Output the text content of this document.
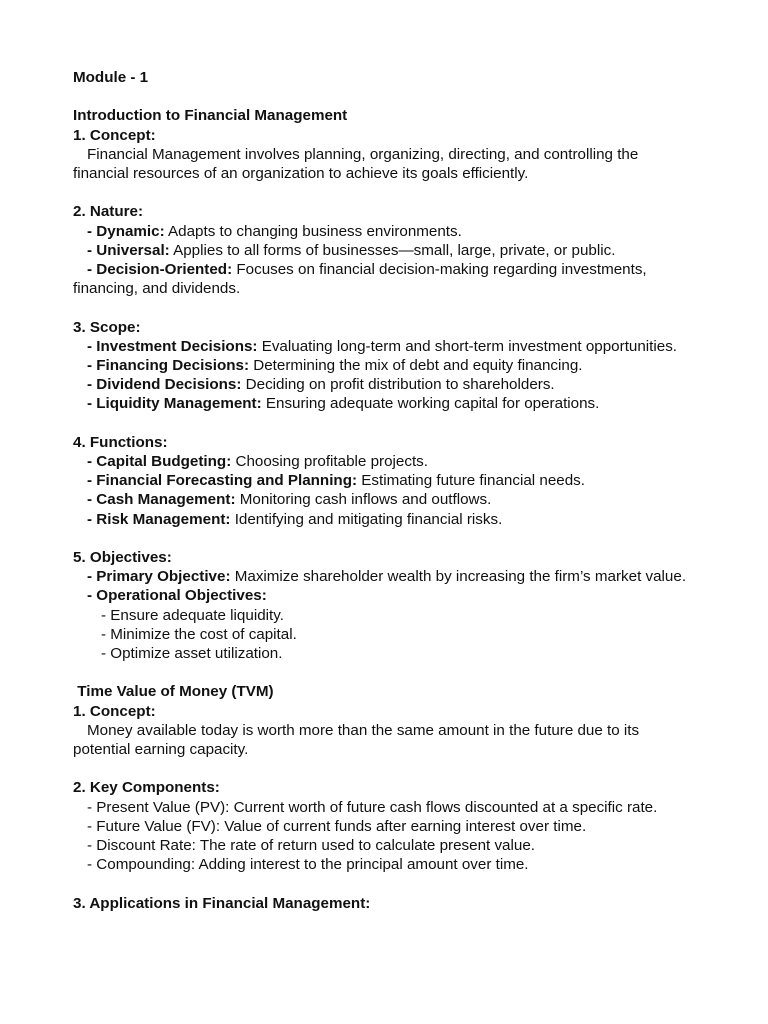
Module - 1

Introduction to Financial Management

1. Concept:

Financial Management involves planning, organizing, directing, and controlling the financial resources of an organization to achieve its goals efficiently.

2. Nature:

- Dynamic: Adapts to changing business environments.

- Universal: Applies to all forms of businesses—small, large, private, or public.

- Decision-Oriented: Focuses on financial decision-making regarding investments, financing, and dividends.

3. Scope:

- Investment Decisions: Evaluating long-term and short-term investment opportunities.

- Financing Decisions: Determining the mix of debt and equity financing.

- Dividend Decisions: Deciding on profit distribution to shareholders.

- Liquidity Management: Ensuring adequate working capital for operations.

4. Functions:

- Capital Budgeting: Choosing profitable projects.

- Financial Forecasting and Planning: Estimating future financial needs.

- Cash Management: Monitoring cash inflows and outflows.

- Risk Management: Identifying and mitigating financial risks.

5. Objectives:

- Primary Objective: Maximize shareholder wealth by increasing the firm’s market value.

- Operational Objectives:

- Ensure adequate liquidity.

- Minimize the cost of capital.

- Optimize asset utilization.

Time Value of Money (TVM)

1. Concept:

Money available today is worth more than the same amount in the future due to its potential earning capacity.

2. Key Components:

- Present Value (PV): Current worth of future cash flows discounted at a specific rate.

- Future Value (FV): Value of current funds after earning interest over time.

- Discount Rate: The rate of return used to calculate present value.

- Compounding: Adding interest to the principal amount over time.

3. Applications in Financial Management:
